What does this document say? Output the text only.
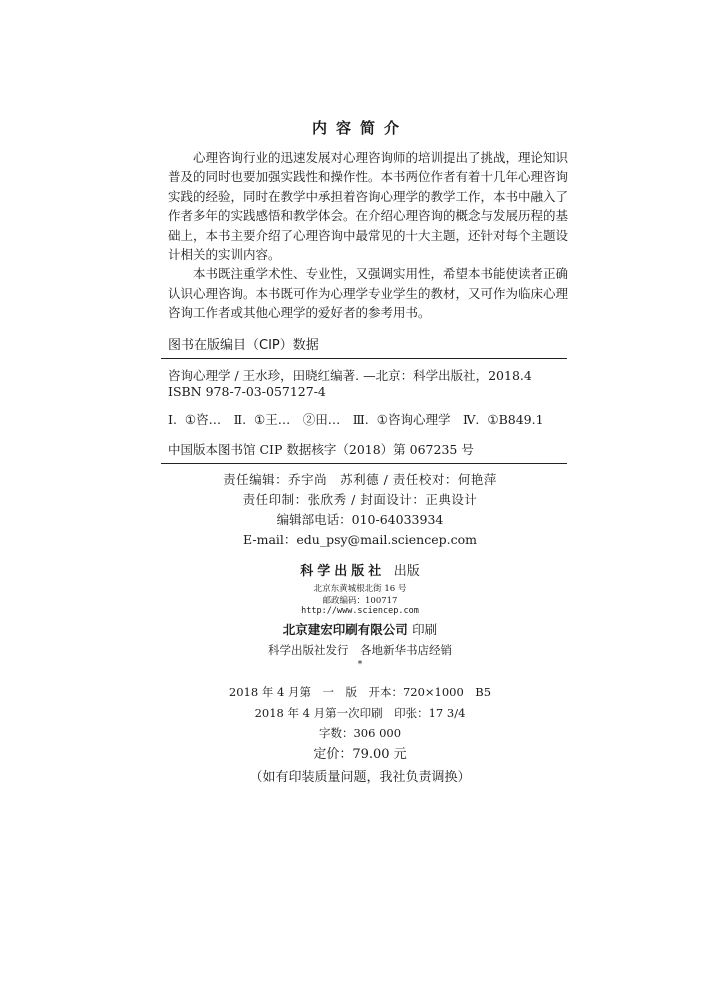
内容简介

心理咨询行业的迅速发展对心理咨询师的培训提出了挑战，理论知识普及的同时也要加强实践性和操作性。本书两位作者有着十几年心理咨询实践的经验，同时在教学中承担着咨询心理学的教学工作，本书中融入了作者多年的实践感悟和教学体会。在介绍心理咨询的概念与发展历程的基础上，本书主要介绍了心理咨询中最常见的十大主题，还针对每个主题设计相关的实训内容。

本书既注重学术性、专业性，又强调实用性，希望本书能使读者正确认识心理咨询。本书既可作为心理学专业学生的教材，又可作为临床心理咨询工作者或其他心理学的爱好者的参考用书。

图书在版编目（CIP）数据
咨询心理学 / 王水珍，田晓红编著. —北京：科学出版社，2018.4
ISBN 978-7-03-057127-4
Ⅰ. ①咨…　Ⅱ. ①王…　②田…　Ⅲ. ①咨询心理学　Ⅳ. ①B849.1
中国版本图书馆 CIP 数据核字（2018）第 067235 号
责任编辑：乔宇尚　苏利德 / 责任校对：何艳萍
责任印制：张欣秀 / 封面设计：正典设计
编辑部电话：010-64033934
E-mail：edu_psy@mail.sciencep.com
科学出版社 出版
北京东黄城根北街 16 号
邮政编码：100717
http://www.sciencep.com
北京建宏印刷有限公司 印刷
科学出版社发行　各地新华书店经销
*
2018 年 4 月第　一　版　开本：720×1000　B5
2018 年 4 月第一次印刷　印张：17 3/4
字数：306 000
定价：79.00 元
（如有印装质量问题，我社负责调换）
